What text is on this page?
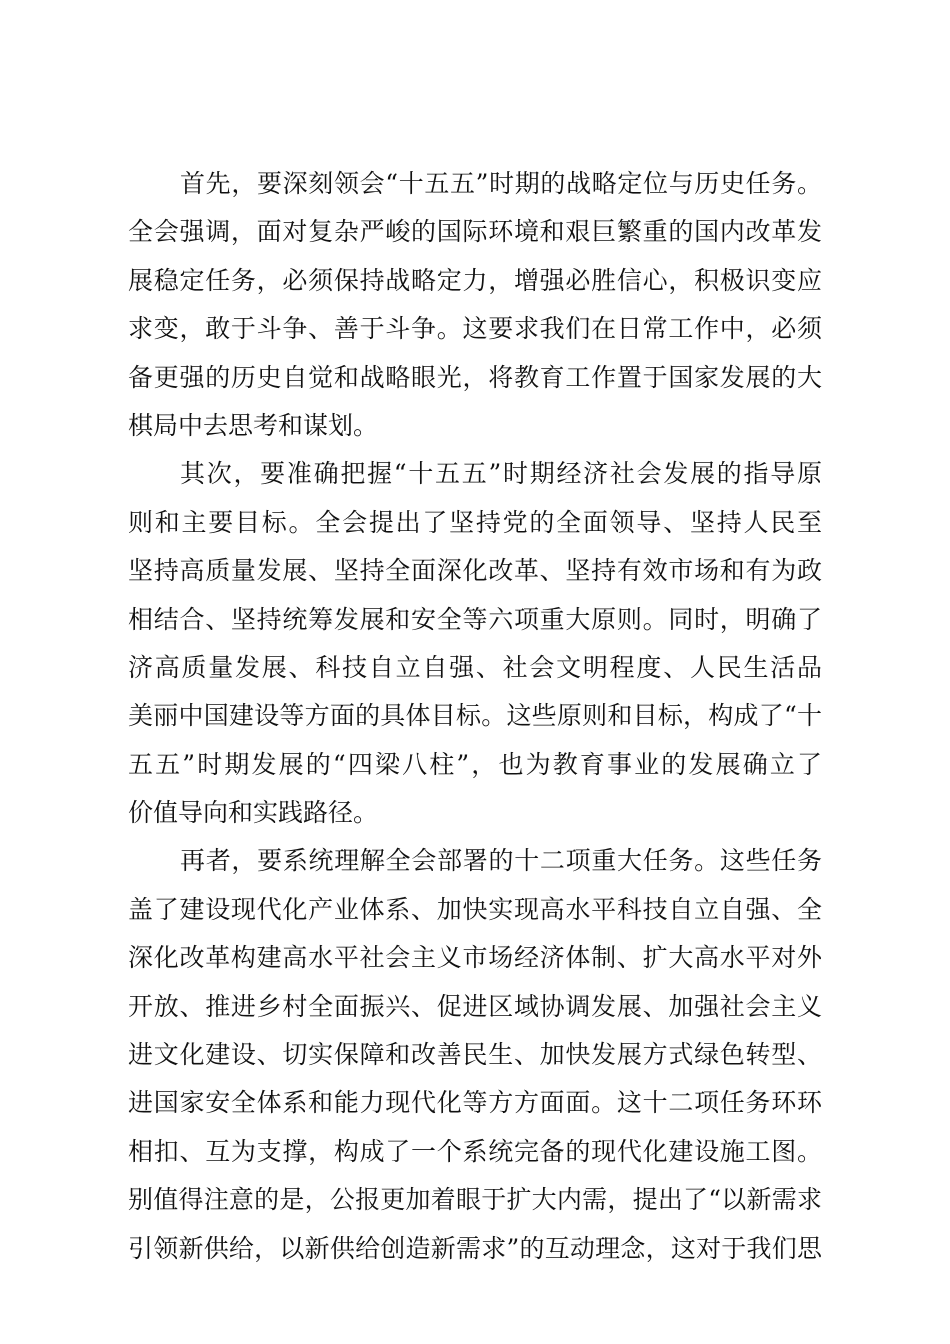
首先，要深刻领会“十五五”时期的战略定位与历史任务。
全会强调，面对复杂严峻的国际环境和艰巨繁重的国内改革发
展稳定任务，必须保持战略定力，增强必胜信心，积极识变应
求变，敢于斗争、善于斗争。这要求我们在日常工作中，必须
备更强的历史自觉和战略眼光，将教育工作置于国家发展的大
棋局中去思考和谋划。
其次，要准确把握“十五五”时期经济社会发展的指导原
则和主要目标。全会提出了坚持党的全面领导、坚持人民至
坚持高质量发展、坚持全面深化改革、坚持有效市场和有为政
相结合、坚持统筹发展和安全等六项重大原则。同时，明确了
济高质量发展、科技自立自强、社会文明程度、人民生活品
美丽中国建设等方面的具体目标。这些原则和目标，构成了“十
五五”时期发展的“四梁八柱”，也为教育事业的发展确立了
价值导向和实践路径。
再者，要系统理解全会部署的十二项重大任务。这些任务
盖了建设现代化产业体系、加快实现高水平科技自立自强、全
深化改革构建高水平社会主义市场经济体制、扩大高水平对外
开放、推进乡村全面振兴、促进区域协调发展、加强社会主义
进文化建设、切实保障和改善民生、加快发展方式绿色转型、
进国家安全体系和能力现代化等方方面面。这十二项任务环环
相扣、互为支撑，构成了一个系统完备的现代化建设施工图。
别值得注意的是，公报更加着眼于扩大内需，提出了“以新需求
引领新供给，以新供给创造新需求”的互动理念，这对于我们思
